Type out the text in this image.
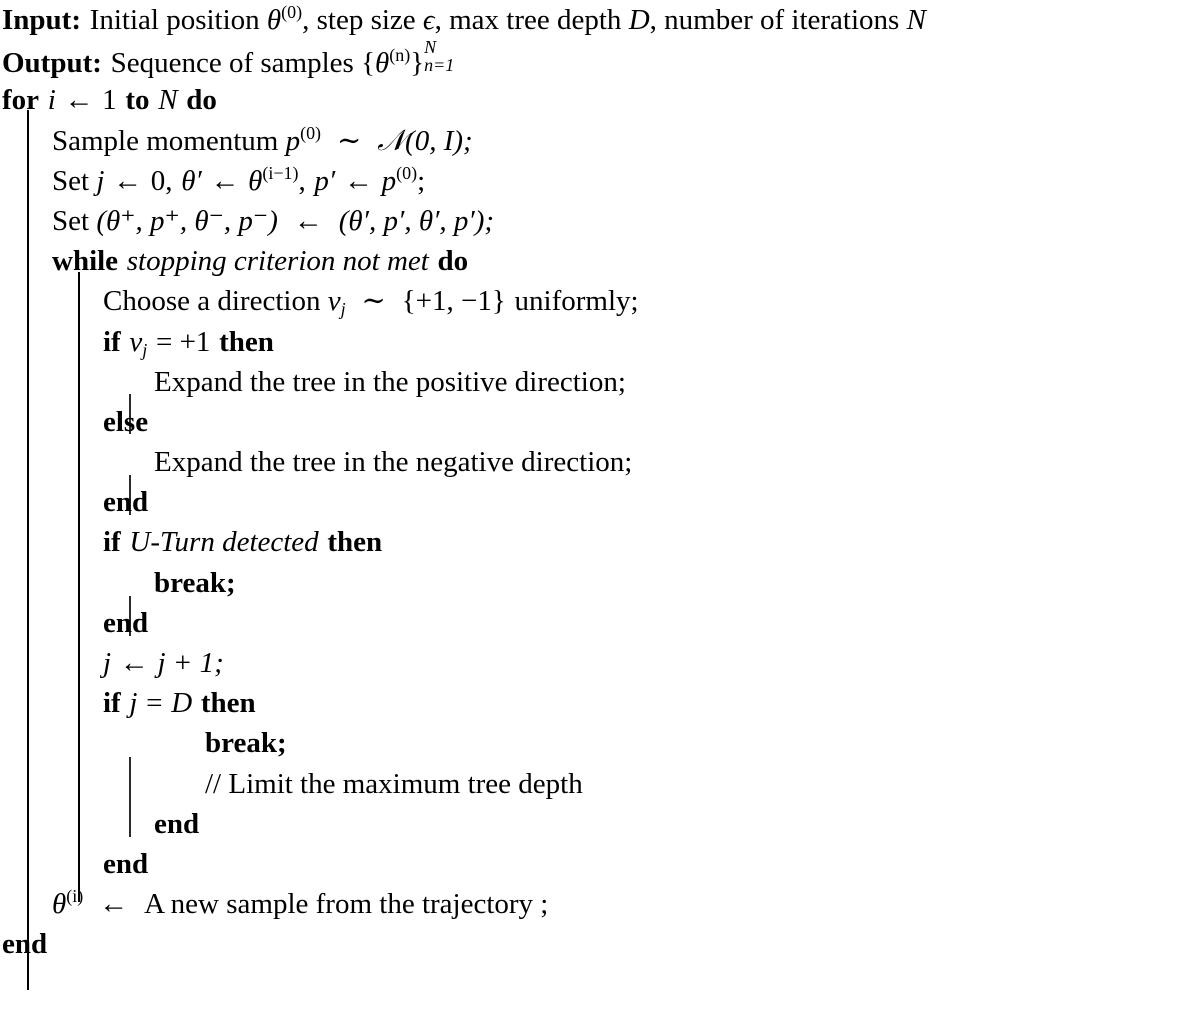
Input: Initial position $\theta^{(0)}$, step size ϵ, max tree depth D, number of iterations N
Output: Sequence of samples $\{\theta^{(n)}\}$
N
n=1
for i ← 1 to N do
Sample momentum $p^{(0)}$ ∼ 𝒩(0, I);
Set j ← 0, θ′ ← $\theta^{(i-1)}$, p′ ← $p^{(0)}$;
Set (θ⁺, p⁺, θ⁻, p⁻) ← (θ′, p′, θ′, p′);
while stopping criterion not met do
Choose a direction $v_j$ ∼ {+1, −1} uniformly;
if $v_j = +1$ then
Expand the tree in the positive direction;
else
Expand the tree in the negative direction;
end
if U-Turn detected then
break;
end
j ← j + 1;
if j = D then
break;
// Limit the maximum tree depth
end
end
$\theta^{(i)}$ ← A new sample from the trajectory ;
end
